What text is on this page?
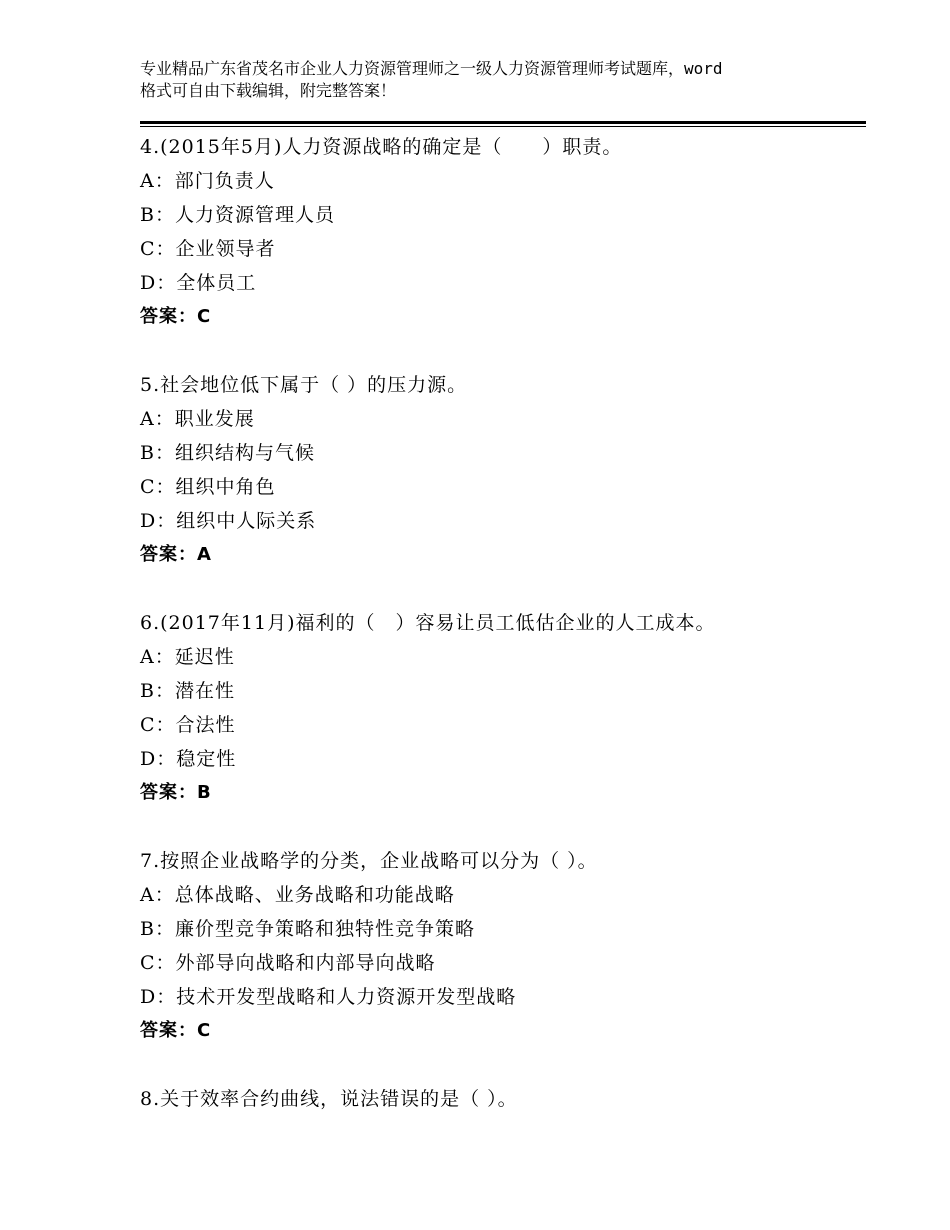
专业精品广东省茂名市企业人力资源管理师之一级人力资源管理师考试题库，word
格式可自由下载编辑，附完整答案！
4.(2015年5月)人力资源战略的确定是（　　）职责。
A：部门负责人
B：人力资源管理人员
C：企业领导者
D：全体员工
答案：C
5.社会地位低下属于（ ）的压力源。
A：职业发展
B：组织结构与气候
C：组织中角色
D：组织中人际关系
答案：A
6.(2017年11月)福利的（　）容易让员工低估企业的人工成本。
A：延迟性
B：潜在性
C：合法性
D：稳定性
答案：B
7.按照企业战略学的分类，企业战略可以分为（ ）。
A：总体战略、业务战略和功能战略
B：廉价型竞争策略和独特性竞争策略
C：外部导向战略和内部导向战略
D：技术开发型战略和人力资源开发型战略
答案：C
8.关于效率合约曲线，说法错误的是（ ）。
